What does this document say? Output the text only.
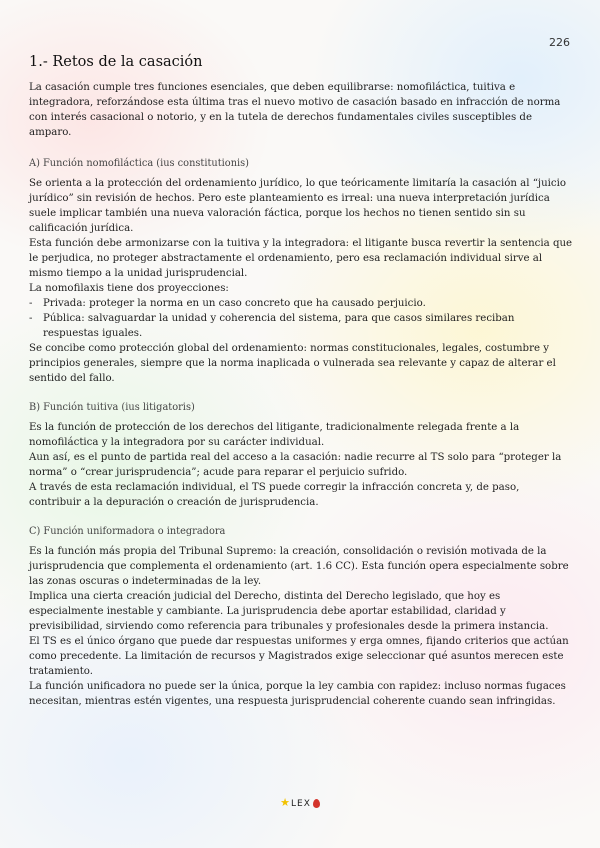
226
1.- Retos de la casación

La casación cumple tres funciones esenciales, que deben equilibrarse: nomofiláctica, tuitiva e integradora, reforzándose esta última tras el nuevo motivo de casación basado en infracción de norma con interés casacional o notorio, y en la tutela de derechos fundamentales civiles susceptibles de amparo.

A) Función nomofiláctica (ius constitutionis)

Se orienta a la protección del ordenamiento jurídico, lo que teóricamente limitaría la casación al “juicio jurídico” sin revisión de hechos. Pero este planteamiento es irreal: una nueva interpretación jurídica suele implicar también una nueva valoración fáctica, porque los hechos no tienen sentido sin su calificación jurídica.

Esta función debe armonizarse con la tuitiva y la integradora: el litigante busca revertir la sentencia que le perjudica, no proteger abstractamente el ordenamiento, pero esa reclamación individual sirve al mismo tiempo a la unidad jurisprudencial.

La nomofilaxis tiene dos proyecciones:

- Privada: proteger la norma en un caso concreto que ha causado perjuicio.
- Pública: salvaguardar la unidad y coherencia del sistema, para que casos similares reciban respuestas iguales.

Se concibe como protección global del ordenamiento: normas constitucionales, legales, costumbre y principios generales, siempre que la norma inaplicada o vulnerada sea relevante y capaz de alterar el sentido del fallo.

B) Función tuitiva (ius litigatoris)

Es la función de protección de los derechos del litigante, tradicionalmente relegada frente a la nomofiláctica y la integradora por su carácter individual.

Aun así, es el punto de partida real del acceso a la casación: nadie recurre al TS solo para “proteger la norma” o “crear jurisprudencia”; acude para reparar el perjuicio sufrido.

A través de esta reclamación individual, el TS puede corregir la infracción concreta y, de paso, contribuir a la depuración o creación de jurisprudencia.

C) Función uniformadora o integradora

Es la función más propia del Tribunal Supremo: la creación, consolidación o revisión motivada de la jurisprudencia que complementa el ordenamiento (art. 1.6 CC). Esta función opera especialmente sobre las zonas oscuras o indeterminadas de la ley.

Implica una cierta creación judicial del Derecho, distinta del Derecho legislado, que hoy es especialmente inestable y cambiante. La jurisprudencia debe aportar estabilidad, claridad y previsibilidad, sirviendo como referencia para tribunales y profesionales desde la primera instancia.

El TS es el único órgano que puede dar respuestas uniformes y erga omnes, fijando criterios que actúan como precedente. La limitación de recursos y Magistrados exige seleccionar qué asuntos merecen este tratamiento.

La función unificadora no puede ser la única, porque la ley cambia con rapidez: incluso normas fugaces necesitan, mientras estén vigentes, una respuesta jurisprudencial coherente cuando sean infringidas.

★LEX
